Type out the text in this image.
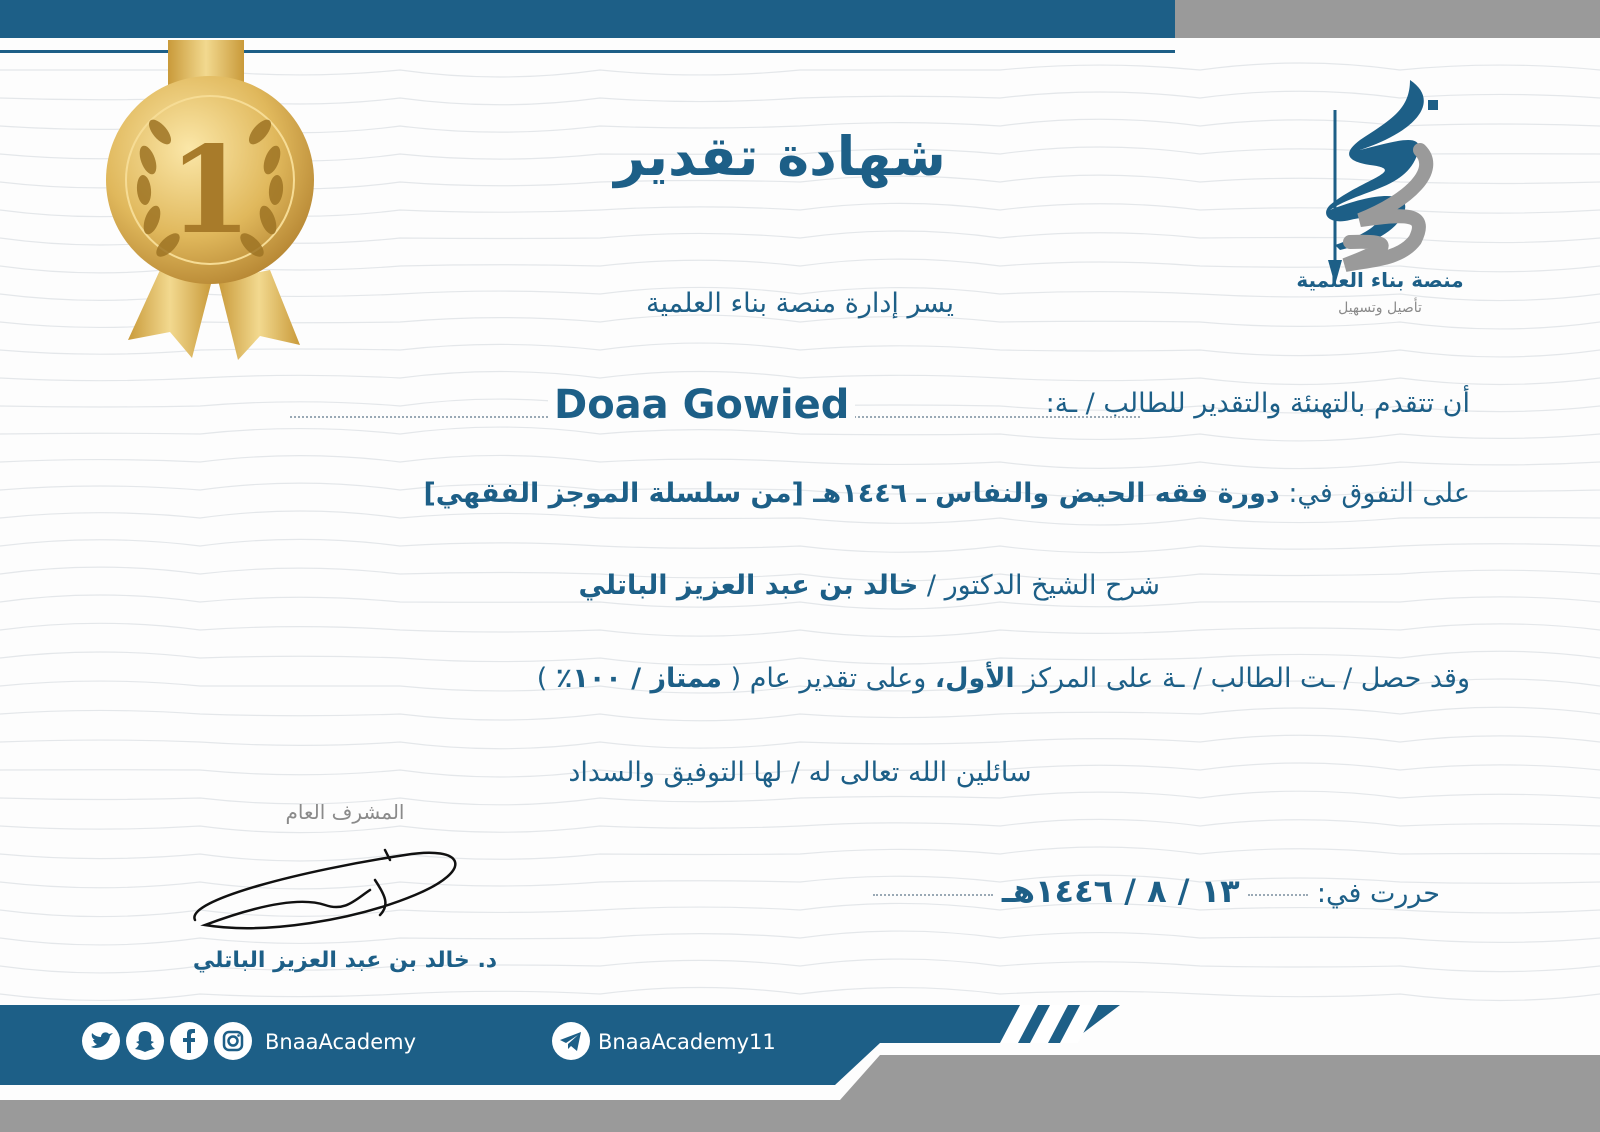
1
منصة بناء العلمية
تأصيل وتسهيل
شهادة تقدير
يسر إدارة منصة بناء العلمية
أن تتقدم بالتهنئة والتقدير للطالب / ـة:
Doaa Gowied
على التفوق في: دورة فقه الحيض والنفاس ـ ١٤٤٦هـ [من سلسلة الموجز الفقهي]
شرح الشيخ الدكتور / خالد بن عبد العزيز الباتلي
وقد حصل / ـت الطالب / ـة على المركز الأول، وعلى تقدير عام ( ممتاز / ١٠٠٪ )
سائلين الله تعالى له / لها التوفيق والسداد
المشرف العام
د. خالد بن عبد العزيز الباتلي
حررت في:  ١٣ / ٨ / ١٤٤٦هـ
BnaaAcademy	BnaaAcademy11
